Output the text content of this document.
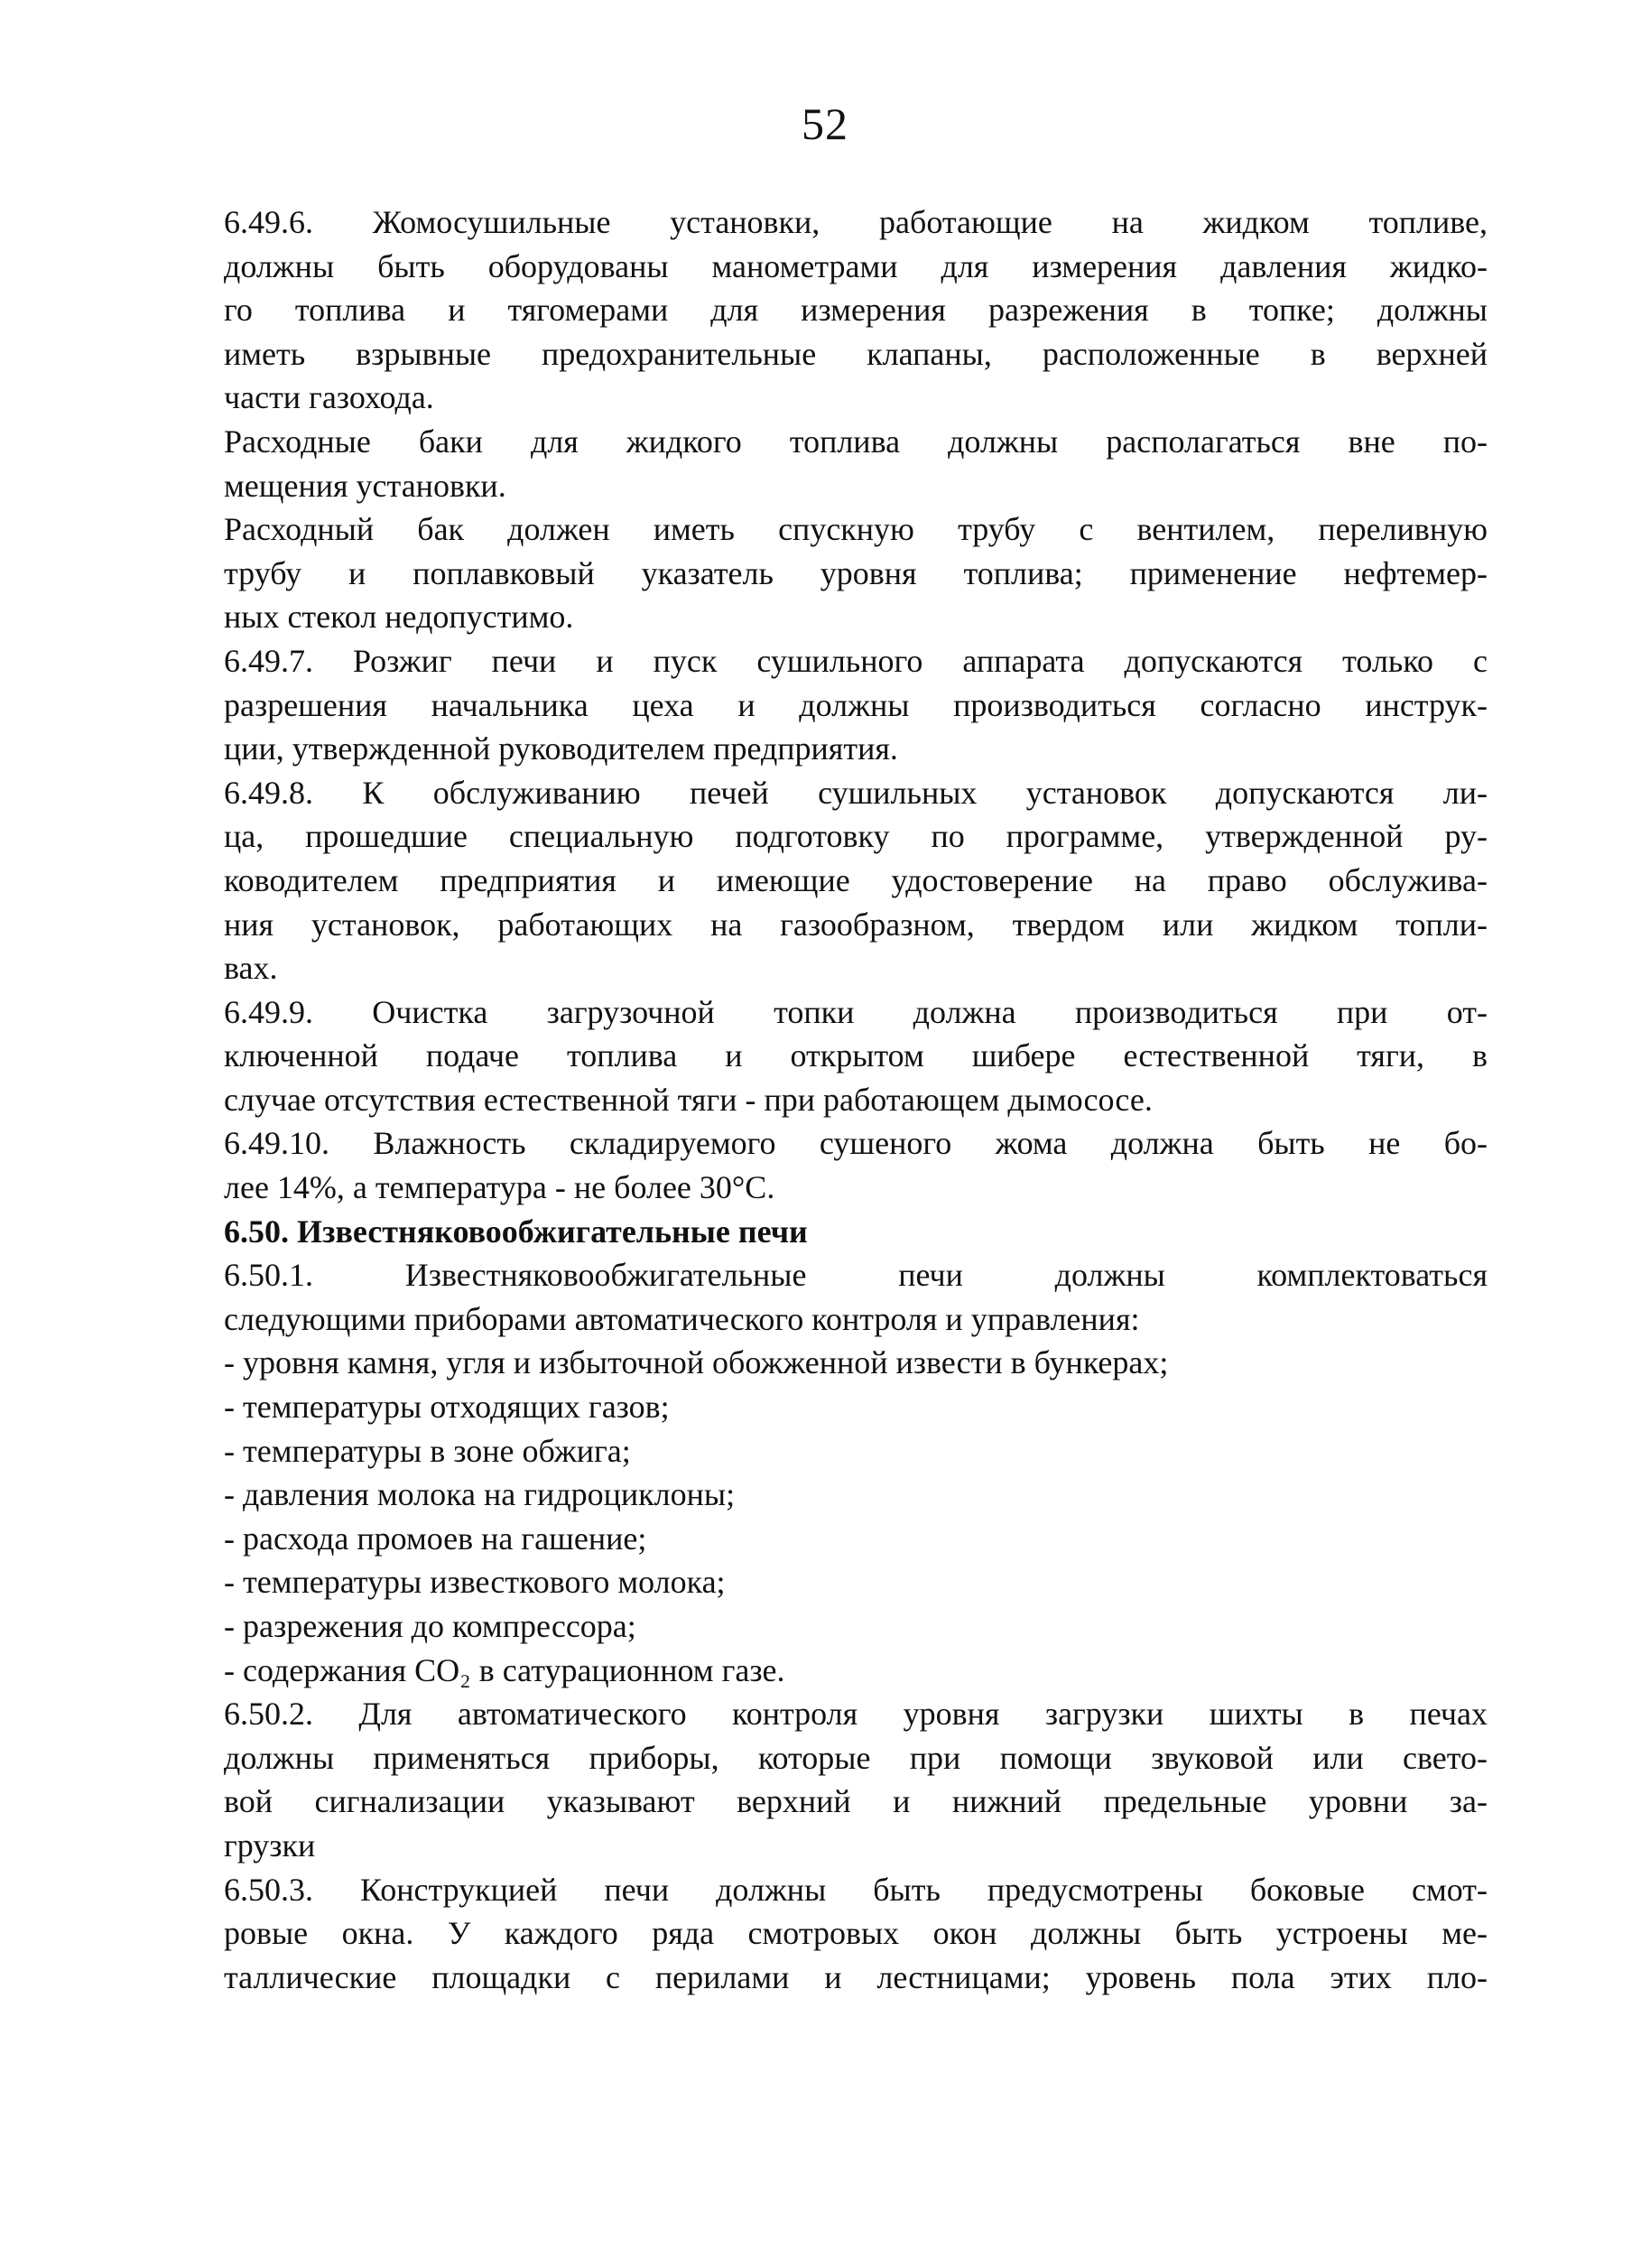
52
6.49.6. Жомосушильные установки, работающие на жидком топливе,
должны быть оборудованы манометрами для измерения давления жидко-
го топлива и тягомерами для измерения разрежения в топке; должны
иметь взрывные предохранительные клапаны, расположенные в верхней
части газохода.
Расходные баки для жидкого топлива должны располагаться вне по-
мещения установки.
Расходный бак должен иметь спускную трубу с вентилем, переливную
трубу и поплавковый указатель уровня топлива; применение нефтемер-
ных стекол недопустимо.
6.49.7. Розжиг печи и пуск сушильного аппарата допускаются только с
разрешения начальника цеха и должны производиться согласно инструк-
ции, утвержденной руководителем предприятия.
6.49.8. К обслуживанию печей сушильных установок допускаются ли-
ца, прошедшие специальную подготовку по программе, утвержденной ру-
ководителем предприятия и имеющие удостоверение на право обслужива-
ния установок, работающих на газообразном, твердом или жидком топли-
вах.
6.49.9. Очистка загрузочной топки должна производиться при от-
ключенной подаче топлива и открытом шибере естественной тяги, в
случае отсутствия естественной тяги - при работающем дымососе.
6.49.10. Влажность складируемого сушеного жома должна быть не бо-
лее 14%, а температура - не более 30°С.
6.50. Известняковообжигательные печи
6.50.1. Известняковообжигательные печи должны комплектоваться
следующими приборами автоматического контроля и управления:
- уровня камня, угля и избыточной обожженной извести в бункерах;
- температуры отходящих газов;
- температуры в зоне обжига;
- давления молока на гидроциклоны;
- расхода промоев на гашение;
- температуры известкового молока;
- разрежения до компрессора;
- содержания СО₂ в сатурационном газе.
6.50.2. Для автоматического контроля уровня загрузки шихты в печах
должны применяться приборы, которые при помощи звуковой или свето-
вой сигнализации указывают верхний и нижний предельные уровни за-
грузки
6.50.3. Конструкцией печи должны быть предусмотрены боковые смот-
ровые окна. У каждого ряда смотровых окон должны быть устроены ме-
таллические площадки с перилами и лестницами; уровень пола этих пло-
